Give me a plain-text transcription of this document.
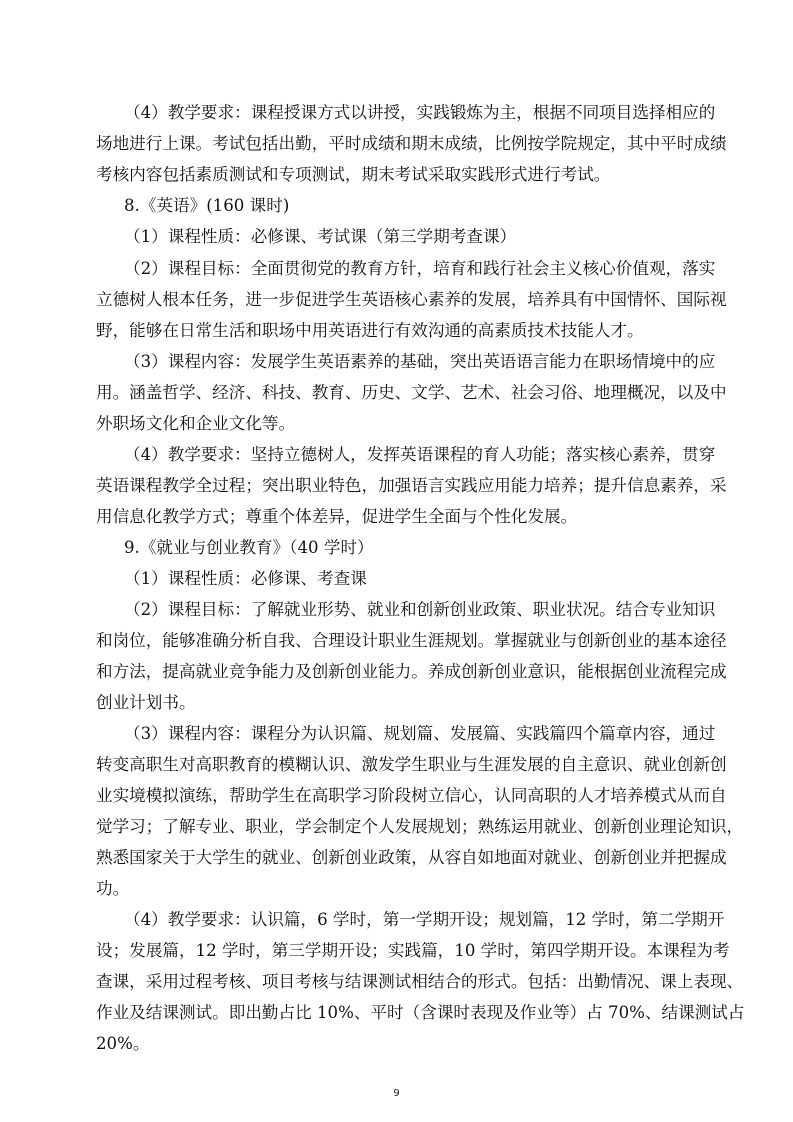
（4）教学要求：课程授课方式以讲授，实践锻炼为主，根据不同项目选择相应的
场地进行上课。考试包括出勤，平时成绩和期末成绩，比例按学院规定，其中平时成绩
考核内容包括素质测试和专项测试，期末考试采取实践形式进行考试。
8.《英语》(160 课时)
（1）课程性质：必修课、考试课（第三学期考查课）
（2）课程目标：全面贯彻党的教育方针，培育和践行社会主义核心价值观，落实
立德树人根本任务，进一步促进学生英语核心素养的发展，培养具有中国情怀、国际视
野，能够在日常生活和职场中用英语进行有效沟通的高素质技术技能人才。
（3）课程内容：发展学生英语素养的基础，突出英语语言能力在职场情境中的应
用。涵盖哲学、经济、科技、教育、历史、文学、艺术、社会习俗、地理概况，以及中
外职场文化和企业文化等。
（4）教学要求：坚持立德树人，发挥英语课程的育人功能；落实核心素养，贯穿
英语课程教学全过程；突出职业特色，加强语言实践应用能力培养；提升信息素养，采
用信息化教学方式；尊重个体差异，促进学生全面与个性化发展。
9.《就业与创业教育》（40 学时）
（1）课程性质：必修课、考查课
（2）课程目标：了解就业形势、就业和创新创业政策、职业状况。结合专业知识
和岗位，能够准确分析自我、合理设计职业生涯规划。掌握就业与创新创业的基本途径
和方法，提高就业竞争能力及创新创业能力。养成创新创业意识，能根据创业流程完成
创业计划书。
（3）课程内容：课程分为认识篇、规划篇、发展篇、实践篇四个篇章内容，通过
转变高职生对高职教育的模糊认识、激发学生职业与生涯发展的自主意识、就业创新创
业实境模拟演练，帮助学生在高职学习阶段树立信心，认同高职的人才培养模式从而自
觉学习；了解专业、职业，学会制定个人发展规划；熟练运用就业、创新创业理论知识，
熟悉国家关于大学生的就业、创新创业政策，从容自如地面对就业、创新创业并把握成
功。
（4）教学要求：认识篇，6 学时，第一学期开设；规划篇，12 学时，第二学期开
设；发展篇，12 学时，第三学期开设；实践篇，10 学时，第四学期开设。本课程为考
查课，采用过程考核、项目考核与结课测试相结合的形式。包括：出勤情况、课上表现、
作业及结课测试。即出勤占比 10%、平时（含课时表现及作业等）占 70%、结课测试占
20%。
9
